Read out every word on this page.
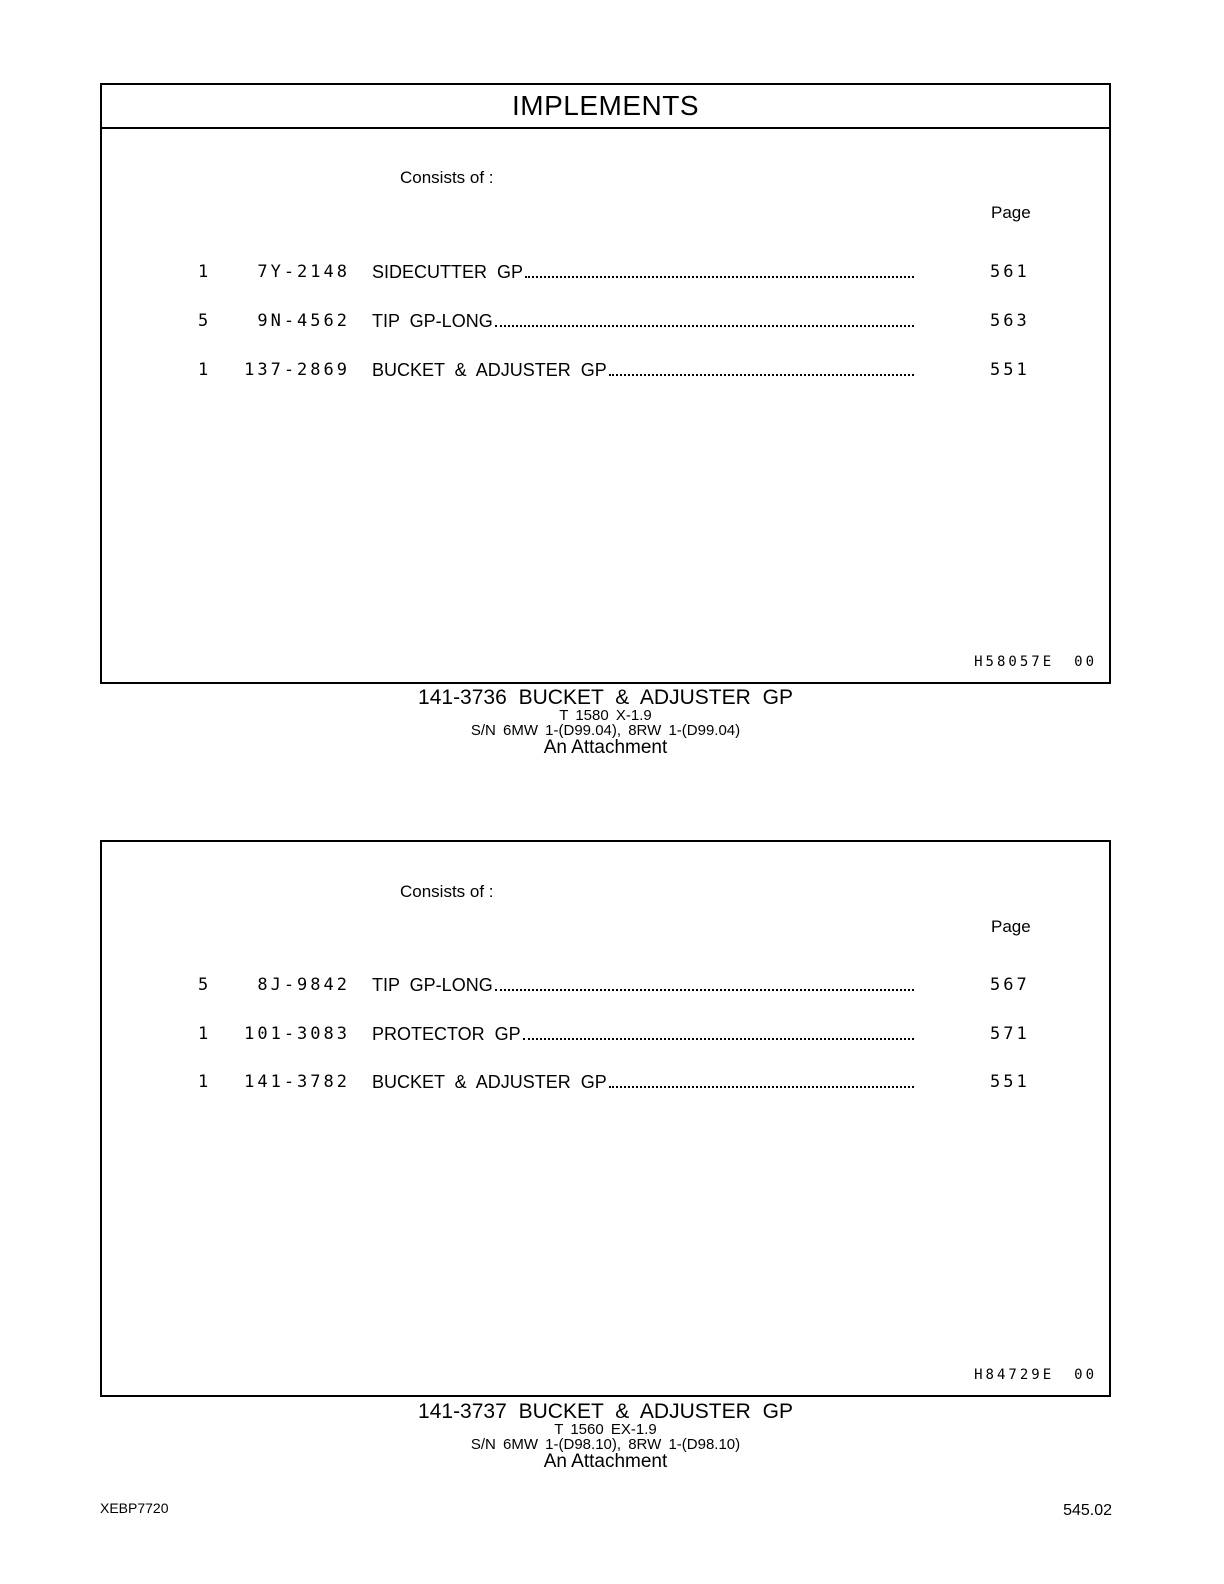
IMPLEMENTS
Consists of :
Page
1	7Y-2148 SIDECUTTER GP	561
5	9N-4562 TIP GP-LONG	563
1	137-2869 BUCKET & ADJUSTER GP	551
H58057E 00
141-3736 BUCKET & ADJUSTER GP
T 1580 X-1.9
S/N 6MW 1-(D99.04), 8RW 1-(D99.04)
An Attachment
Consists of :
Page
5	8J-9842 TIP GP-LONG	567
1	101-3083 PROTECTOR GP	571
1	141-3782 BUCKET & ADJUSTER GP	551
H84729E 00
141-3737 BUCKET & ADJUSTER GP
T 1560 EX-1.9
S/N 6MW 1-(D98.10), 8RW 1-(D98.10)
An Attachment
XEBP7720	545.02
